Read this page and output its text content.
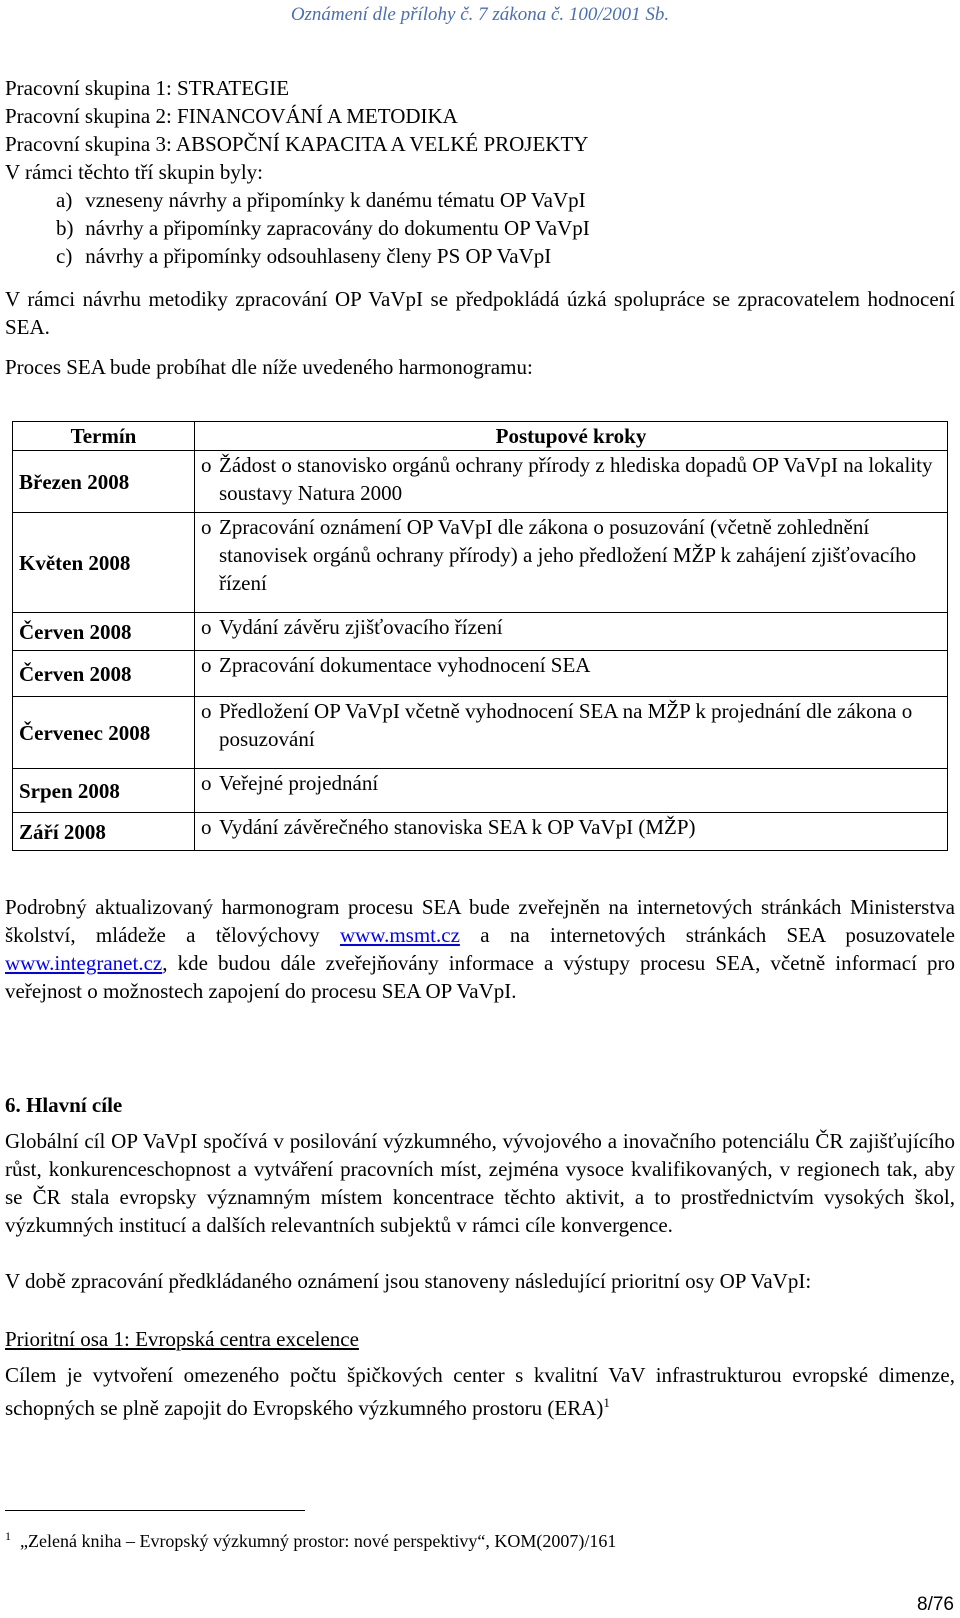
Oznámení dle přílohy č. 7 zákona č. 100/2001 Sb.
Pracovní skupina 1: STRATEGIE
Pracovní skupina 2: FINANCOVÁNÍ A METODIKA
Pracovní skupina 3: ABSOPČNÍ KAPACITA A VELKÉ PROJEKTY
V rámci těchto tří skupin byly:
a) vzneseny návrhy a připomínky k danému tématu OP VaVpI
b) návrhy a připomínky zapracovány do dokumentu OP VaVpI
c) návrhy a připomínky odsouhlaseny členy PS OP VaVpI
V rámci návrhu metodiky zpracování OP VaVpI se předpokládá úzká spolupráce se zpracovatelem hodnocení SEA.
Proces SEA bude probíhat dle níže uvedeného harmonogramu:
Termín	Postupové kroky
Březen 2008	o Žádost o stanovisko orgánů ochrany přírody z hlediska dopadů OP VaVpI na lokality soustavy Natura 2000
Květen 2008	o Zpracování oznámení OP VaVpI dle zákona o posuzování (včetně zohlednění stanovisek orgánů ochrany přírody) a jeho předložení MŽP k zahájení zjišťovacího řízení
Červen 2008	o Vydání závěru zjišťovacího řízení
Červen 2008	o Zpracování dokumentace vyhodnocení SEA
Červenec 2008	o Předložení OP VaVpI včetně vyhodnocení SEA na MŽP k projednání dle zákona o posuzování
Srpen 2008	o Veřejné projednání
Září 2008	o Vydání závěrečného stanoviska SEA k OP VaVpI (MŽP)
Podrobný aktualizovaný harmonogram procesu SEA bude zveřejněn na internetových stránkách Ministerstva školství, mládeže a tělovýchovy www.msmt.cz a na internetových stránkách SEA posuzovatele www.integranet.cz, kde budou dále zveřejňovány informace a výstupy procesu SEA, včetně informací pro veřejnost o možnostech zapojení do procesu SEA OP VaVpI.
6. Hlavní cíle
Globální cíl OP VaVpI spočívá v posilování výzkumného, vývojového a inovačního potenciálu ČR zajišťujícího růst, konkurenceschopnost a vytváření pracovních míst, zejména vysoce kvalifikovaných, v regionech tak, aby se ČR stala evropsky významným místem koncentrace těchto aktivit, a to prostřednictvím vysokých škol, výzkumných institucí a dalších relevantních subjektů v rámci cíle konvergence.
V době zpracování předkládaného oznámení jsou stanoveny následující prioritní osy OP VaVpI:
Prioritní osa 1: Evropská centra excelence
Cílem je vytvoření omezeného počtu špičkových center s kvalitní VaV infrastrukturou evropské dimenze, schopných se plně zapojit do Evropského výzkumného prostoru (ERA)$^1$
$^1$ „Zelená kniha – Evropský výzkumný prostor: nové perspektivy“, KOM(2007)/161
8/76
